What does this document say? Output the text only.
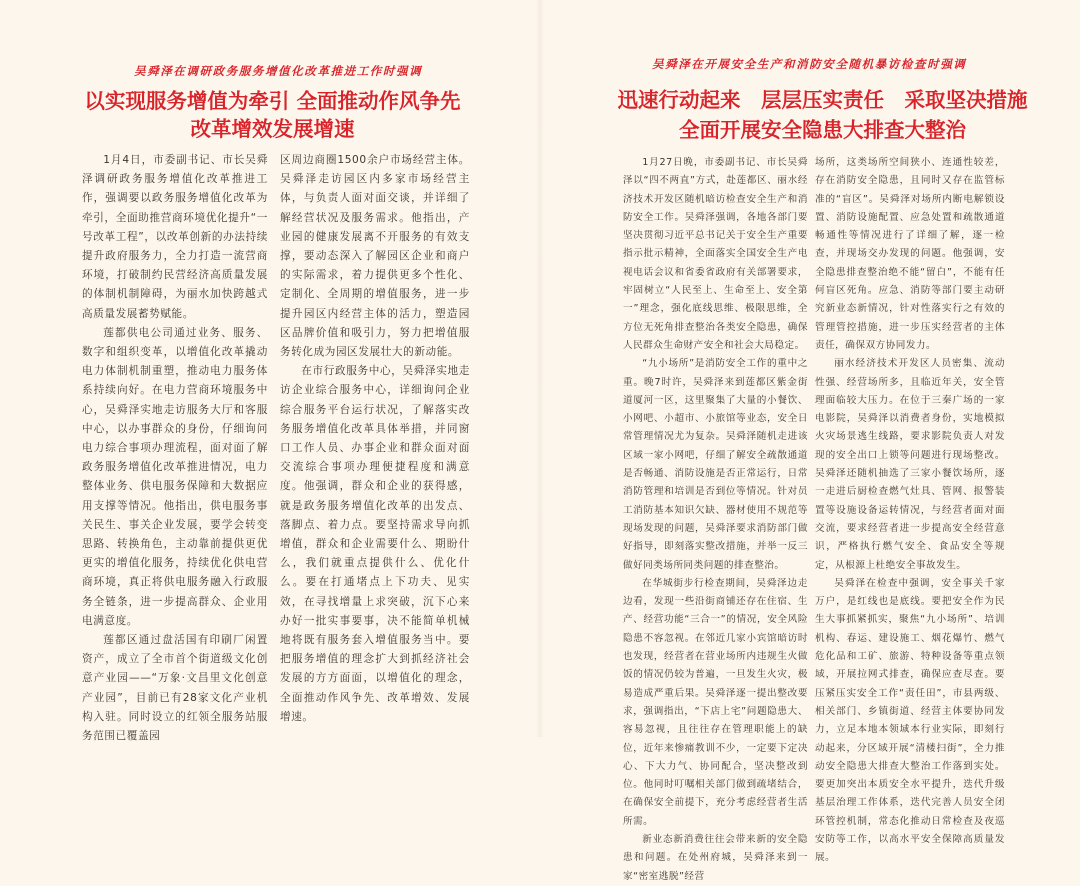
吴舜泽在调研政务服务增值化改革推进工作时强调
以实现服务增值为牵引 全面推动作风争先
改革增效发展增速

1月4日，市委副书记、市长吴舜泽调研政务服务增值化改革推进工作，强调要以政务服务增值化改革为牵引，全面助推营商环境优化提升“一号改革工程”，以改革创新的办法持续提升政府服务力，全力打造一流营商环境，打破制约民营经济高质量发展的体制机制障碍，为丽水加快跨越式高质量发展蓄势赋能。

莲都供电公司通过业务、服务、数字和组织变革，以增值化改革撬动电力体制机制重塑，推动电力服务体系持续向好。在电力营商环境服务中心，吴舜泽实地走访服务大厅和客服中心，以办事群众的身份，仔细询问电力综合事项办理流程，面对面了解政务服务增值化改革推进情况，电力整体业务、供电服务保障和大数据应用支撑等情况。他指出，供电服务事关民生、事关企业发展，要学会转变思路、转换角色，主动靠前提供更优更实的增值化服务，持续优化供电营商环境，真正将供电服务融入行政服务全链条，进一步提高群众、企业用电满意度。

莲都区通过盘活国有印刷厂闲置资产，成立了全市首个街道级文化创意产业园——“万象·文昌里文化创意产业园”，目前已有28家文化产业机构入驻。同时设立的红领全服务站服务范围已覆盖园

区周边商圈1500余户市场经营主体。吴舜泽走访园区内多家市场经营主体，与负责人面对面交谈，并详细了解经营状况及服务需求。他指出，产业园的健康发展离不开服务的有效支撑，要动态深入了解园区企业和商户的实际需求，着力提供更多个性化、定制化、全周期的增值服务，进一步提升园区内经营主体的活力，塑造园区品牌价值和吸引力，努力把增值服务转化成为园区发展壮大的新动能。

在市行政服务中心，吴舜泽实地走访企业综合服务中心，详细询问企业综合服务平台运行状况，了解落实改务服务增值化改革具体举措，并同窗口工作人员、办事企业和群众面对面交流综合事项办理便捷程度和满意度。他强调，群众和企业的获得感，就是政务服务增值化改革的出发点、落脚点、着力点。要坚持需求导向抓增值，群众和企业需要什么、期盼什么，我们就重点提供什么、优化什么。要在打通堵点上下功夫、见实效，在寻找增量上求突破，沉下心来办好一批实事要事，决不能简单机械地将既有服务套入增值服务当中。要把服务增值的理念扩大到抓经济社会发展的方方面面，以增值化的理念，全面推动作风争先、改革增效、发展增速。

吴舜泽在开展安全生产和消防安全随机暴访检查时强调
迅速行动起来　层层压实责任　采取坚决措施
全面开展安全隐患大排查大整治

1月27日晚，市委副书记、市长吴舜泽以“四不两直”方式，赴莲都区、丽水经济技术开发区随机暗访检查安全生产和消防安全工作。吴舜泽强调，各地各部门要坚决贯彻习近平总书记关于安全生产重要指示批示精神，全面落实全国安全生产电视电话会议和省委省政府有关部署要求，牢固树立“人民至上、生命至上、安全第一”理念，强化底线思维、极限思维，全方位无死角排查整治各类安全隐患，确保人民群众生命财产安全和社会大局稳定。

“九小场所”是消防安全工作的重中之重。晚7时许，吴舜泽来到莲都区紫金街道厦河一区，这里聚集了大量的小餐饮、小网吧、小超市、小旅馆等业态，安全日常管理情况尤为复杂。吴舜泽随机走进该区域一家小网吧，仔细了解安全疏散通道是否畅通、消防设施是否正常运行，日常消防管理和培训是否到位等情况。针对员工消防基本知识欠缺、器材使用不规范等现场发现的问题，吴舜泽要求消防部门做好指导，即刻落实整改措施，并举一反三做好同类场所同类问题的排查整治。

在华城街步行检查期间，吴舜泽边走边看，发现一些沿街商铺还存在住宿、生产、经营功能“三合一”的情况，安全风险隐患不容忽视。在邻近几家小宾馆暗访时也发现，经营者在营业场所内违规生火做饭的情况仍较为普遍，一旦发生火灾，极易造成严重后果。吴舜泽逐一提出整改要求，强调指出，“下店上宅”问题隐患大、容易忽视，且往往存在管理职能上的缺位，近年来惨痛教训不少，一定要下定决心、下大力气、协同配合，坚决整改到位。他同时叮嘱相关部门做到疏堵结合，在确保安全前提下，充分考虑经营者生活所需。

新业态新消费往往会带来新的安全隐患和问题。在处州府城，吴舜泽来到一家“密室逃脱”经营

场所，这类场所空间狭小、连通性较差，存在消防安全隐患，且同时又存在监管标准的“盲区”。吴舜泽对场所内断电解锁设置、消防设施配置、应急处置和疏散通道畅通性等情况进行了详细了解，逐一检查，并现场交办发现的问题。他强调，安全隐患排查整治绝不能“留白”，不能有任何盲区死角。应急、消防等部门要主动研究新业态新情况，针对性落实行之有效的管理管控措施，进一步压实经营者的主体责任，确保双方协同发力。

丽水经济技术开发区人员密集、流动性强、经营场所多，且临近年关，安全管理面临较大压力。在位于三秦广场的一家电影院，吴舜泽以消费者身份，实地模拟火灾场景逃生线路，要求影院负责人对发现的安全出口上锁等问题进行现场整改。吴舜泽还随机抽选了三家小餐饮场所，逐一走进后厨检查燃气灶具、管网、报警装置等设施设备运转情况，与经营者面对面交流，要求经营者进一步提高安全经营意识，严格执行燃气安全、食品安全等规定，从根源上杜绝安全事故发生。

吴舜泽在检查中强调，安全事关千家万户，是红线也是底线。要把安全作为民生大事抓紧抓实，聚焦“九小场所”、培训机构、春运、建设施工、烟花爆竹、燃气危化品和工矿、旅游、特种设备等重点领域，开展拉网式排查，确保应查尽查。要压紧压实安全工作“责任田”，市县两级、相关部门、乡镇街道、经营主体要协同发力，立足本地本领域本行业实际，即刻行动起来，分区域开展“清楼扫街”，全力推动安全隐患大排查大整治工作落到实处。要更加突出本质安全水平提升，迭代升级基层治理工作体系，迭代完善人员安全闭环管控机制，常态化推动日常检查及夜巡安防等工作，以高水平安全保障高质量发展。
